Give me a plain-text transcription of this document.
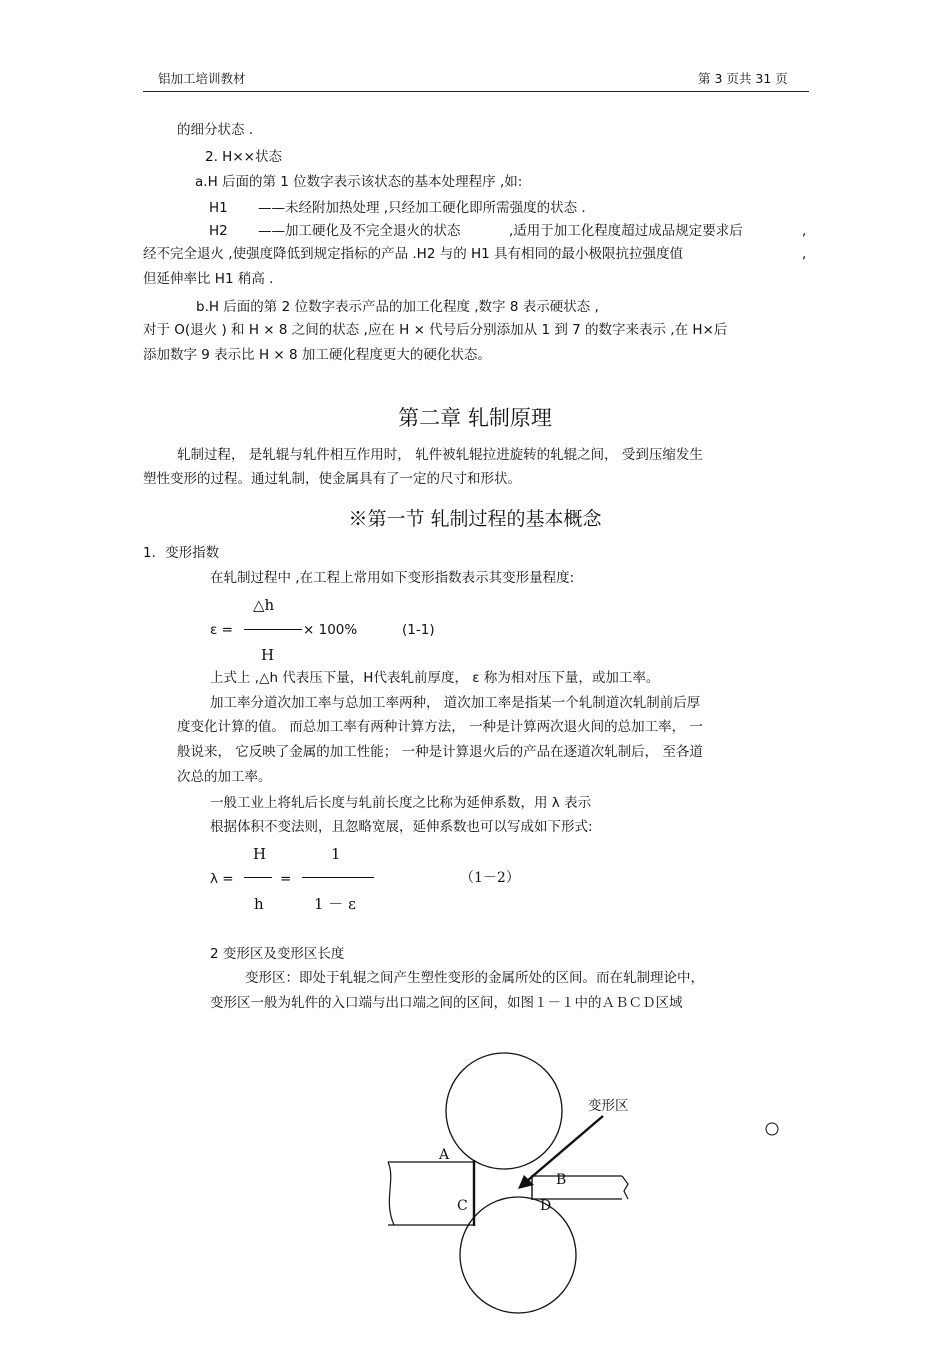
铝加工培训教材	第 3 页共 31 页
的细分状态 .
2. H××状态
a.H 后面的第 1 位数字表示该状态的基本处理程序 ,如:
H1 ——未经附加热处理 ,只经加工硬化即所需强度的状态 .
H2 ——加工硬化及不完全退火的状态	,适用于加工化程度超过成品规定要求后	,
经不完全退火 ,使强度降低到规定指标的产品 .H2 与的 H1 具有相同的最小极限抗拉强度值	,
但延伸率比 H1 稍高 .
b.H 后面的第 2 位数字表示产品的加工化程度 ,数字 8 表示硬状态 ,
对于 O(退火 ) 和 H × 8 之间的状态 ,应在 H × 代号后分别添加从 1 到 7 的数字来表示 ,在 H×后
添加数字 9 表示比 H × 8 加工硬化程度更大的硬化状态。
第二章 轧制原理
轧制过程， 是轧辊与轧件相互作用时， 轧件被轧辊拉进旋转的轧辊之间， 受到压缩发生
塑性变形的过程。通过轧制，使金属具有了一定的尺寸和形状。
※第一节 轧制过程的基本概念
1．变形指数
在轧制过程中 ,在工程上常用如下变形指数表示其变形量程度:
△h
ε =	× 100%	(1-1)
H
上式上 ,△h 代表压下量，H代表轧前厚度， ε 称为相对压下量，或加工率。
加工率分道次加工率与总加工率两种， 道次加工率是指某一个轧制道次轧制前后厚
度变化计算的值。 而总加工率有两种计算方法， 一种是计算两次退火间的总加工率， 一
般说来， 它反映了金属的加工性能； 一种是计算退火后的产品在逐道次轧制后， 至各道
次总的加工率。
一般工业上将轧后长度与轧前长度之比称为延伸系数，用 λ 表示
根据体积不变法则，且忽略宽展，延伸系数也可以写成如下形式:
H	1
λ =	=	（1－2）
h	1 － ε
2 变形区及变形区长度
变形区：即处于轧辊之间产生塑性变形的金属所处的区间。而在轧制理论中，
变形区一般为轧件的入口端与出口端之间的区间，如图１－１中的ＡＢＣＤ区域
变形区
A
B
C	D
